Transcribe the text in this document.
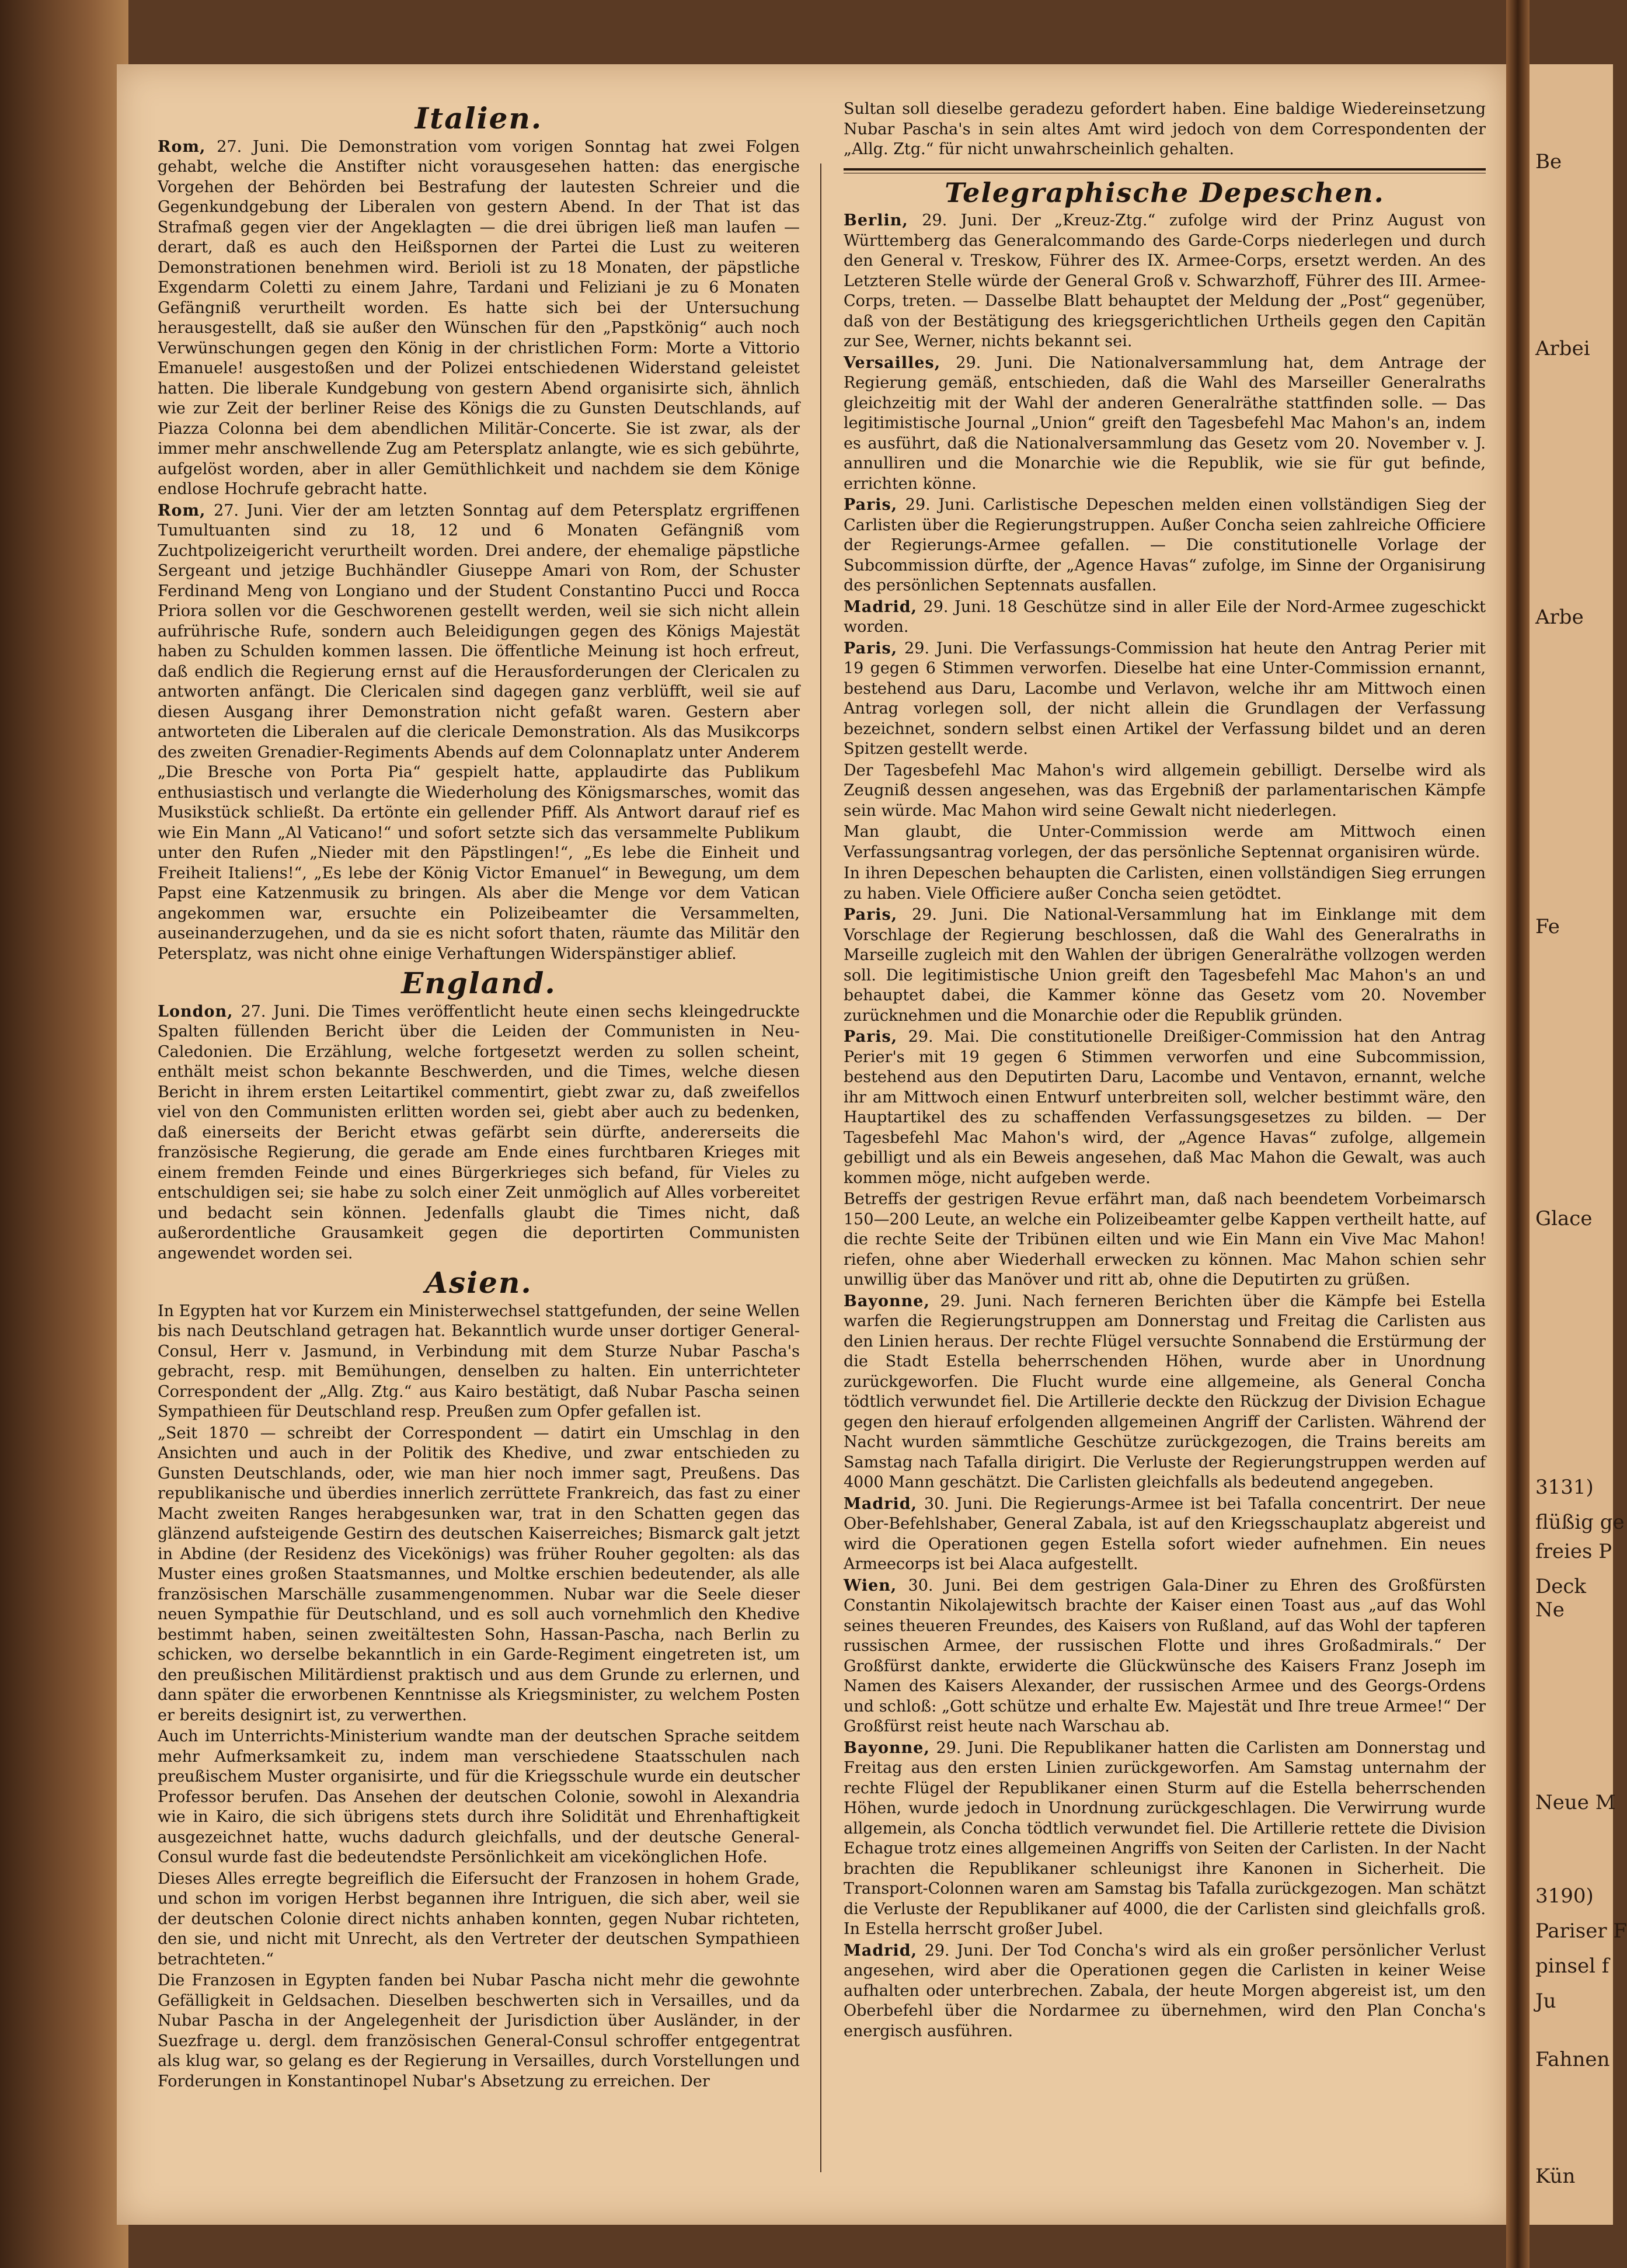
Be
Arbei
Arbe
Fe
Glace
3131)
flüßig ge
freies P
Deck
Ne
Neue M
3190)
Pariser F
pinsel f
Ju
Fahnen
Kün
Italien.

Rom, 27. Juni. Die Demonstration vom vorigen Sonntag hat zwei Folgen gehabt, welche die Anstifter nicht vorausgesehen hatten: das energische Vorgehen der Behörden bei Bestrafung der lautesten Schreier und die Gegenkundgebung der Liberalen von gestern Abend. In der That ist das Strafmaß gegen vier der Angeklagten — die drei übrigen ließ man laufen — derart, daß es auch den Heißspornen der Partei die Lust zu weiteren Demonstrationen benehmen wird. Berioli ist zu 18 Monaten, der päpstliche Exgendarm Coletti zu einem Jahre, Tardani und Feliziani je zu 6 Monaten Gefängniß verurtheilt worden. Es hatte sich bei der Untersuchung herausgestellt, daß sie außer den Wünschen für den „Papstkönig“ auch noch Verwünschungen gegen den König in der christlichen Form: Morte a Vittorio Emanuele! ausgestoßen und der Polizei entschiedenen Widerstand geleistet hatten. Die liberale Kundgebung von gestern Abend organisirte sich, ähnlich wie zur Zeit der berliner Reise des Königs die zu Gunsten Deutschlands, auf Piazza Colonna bei dem abendlichen Militär-Concerte. Sie ist zwar, als der immer mehr anschwellende Zug am Petersplatz anlangte, wie es sich gebührte, aufgelöst worden, aber in aller Gemüthlichkeit und nachdem sie dem Könige endlose Hochrufe gebracht hatte.

Rom, 27. Juni. Vier der am letzten Sonntag auf dem Petersplatz ergriffenen Tumultuanten sind zu 18, 12 und 6 Monaten Gefängniß vom Zuchtpolizeigericht verurtheilt worden. Drei andere, der ehemalige päpstliche Sergeant und jetzige Buchhändler Giuseppe Amari von Rom, der Schuster Ferdinand Meng von Longiano und der Student Constantino Pucci und Rocca Priora sollen vor die Geschworenen gestellt werden, weil sie sich nicht allein aufrührische Rufe, sondern auch Beleidigungen gegen des Königs Majestät haben zu Schulden kommen lassen. Die öffentliche Meinung ist hoch erfreut, daß endlich die Regierung ernst auf die Herausforderungen der Clericalen zu antworten anfängt. Die Clericalen sind dagegen ganz verblüfft, weil sie auf diesen Ausgang ihrer Demonstration nicht gefaßt waren. Gestern aber antworteten die Liberalen auf die clericale Demonstration. Als das Musikcorps des zweiten Grenadier-Regiments Abends auf dem Colonnaplatz unter Anderem „Die Bresche von Porta Pia“ gespielt hatte, applaudirte das Publikum enthusiastisch und verlangte die Wiederholung des Königsmarsches, womit das Musikstück schließt. Da ertönte ein gellender Pfiff. Als Antwort darauf rief es wie Ein Mann „Al Vaticano!“ und sofort setzte sich das versammelte Publikum unter den Rufen „Nieder mit den Päpstlingen!“, „Es lebe die Einheit und Freiheit Italiens!“, „Es lebe der König Victor Emanuel“ in Bewegung, um dem Papst eine Katzenmusik zu bringen. Als aber die Menge vor dem Vatican angekommen war, ersuchte ein Polizeibeamter die Versammelten, auseinanderzugehen, und da sie es nicht sofort thaten, räumte das Militär den Petersplatz, was nicht ohne einige Verhaftungen Widerspänstiger ablief.

England.

London, 27. Juni. Die Times veröffentlicht heute einen sechs kleingedruckte Spalten füllenden Bericht über die Leiden der Communisten in Neu-Caledonien. Die Erzählung, welche fortgesetzt werden zu sollen scheint, enthält meist schon bekannte Beschwerden, und die Times, welche diesen Bericht in ihrem ersten Leitartikel commentirt, giebt zwar zu, daß zweifellos viel von den Communisten erlitten worden sei, giebt aber auch zu bedenken, daß einerseits der Bericht etwas gefärbt sein dürfte, andererseits die französische Regierung, die gerade am Ende eines furchtbaren Krieges mit einem fremden Feinde und eines Bürgerkrieges sich befand, für Vieles zu entschuldigen sei; sie habe zu solch einer Zeit unmöglich auf Alles vorbereitet und bedacht sein können. Jedenfalls glaubt die Times nicht, daß außerordentliche Grausamkeit gegen die deportirten Communisten angewendet worden sei.

Asien.

In Egypten hat vor Kurzem ein Ministerwechsel stattgefunden, der seine Wellen bis nach Deutschland getragen hat. Bekanntlich wurde unser dortiger General-Consul, Herr v. Jasmund, in Verbindung mit dem Sturze Nubar Pascha's gebracht, resp. mit Bemühungen, denselben zu halten. Ein unterrichteter Correspondent der „Allg. Ztg.“ aus Kairo bestätigt, daß Nubar Pascha seinen Sympathieen für Deutschland resp. Preußen zum Opfer gefallen ist.

„Seit 1870 — schreibt der Correspondent — datirt ein Umschlag in den Ansichten und auch in der Politik des Khedive, und zwar entschieden zu Gunsten Deutschlands, oder, wie man hier noch immer sagt, Preußens. Das republikanische und überdies innerlich zerrüttete Frankreich, das fast zu einer Macht zweiten Ranges herabgesunken war, trat in den Schatten gegen das glänzend aufsteigende Gestirn des deutschen Kaiserreiches; Bismarck galt jetzt in Abdine (der Residenz des Vicekönigs) was früher Rouher gegolten: als das Muster eines großen Staatsmannes, und Moltke erschien bedeutender, als alle französischen Marschälle zusammengenommen. Nubar war die Seele dieser neuen Sympathie für Deutschland, und es soll auch vornehmlich den Khedive bestimmt haben, seinen zweitältesten Sohn, Hassan-Pascha, nach Berlin zu schicken, wo derselbe bekanntlich in ein Garde-Regiment eingetreten ist, um den preußischen Militärdienst praktisch und aus dem Grunde zu erlernen, und dann später die erworbenen Kenntnisse als Kriegsminister, zu welchem Posten er bereits designirt ist, zu verwerthen.

Auch im Unterrichts-Ministerium wandte man der deutschen Sprache seitdem mehr Aufmerksamkeit zu, indem man verschiedene Staatsschulen nach preußischem Muster organisirte, und für die Kriegsschule wurde ein deutscher Professor berufen. Das Ansehen der deutschen Colonie, sowohl in Alexandria wie in Kairo, die sich übrigens stets durch ihre Solidität und Ehrenhaftigkeit ausgezeichnet hatte, wuchs dadurch gleichfalls, und der deutsche General-Consul wurde fast die bedeutendste Persönlichkeit am vicekönglichen Hofe.

Dieses Alles erregte begreiflich die Eifersucht der Franzosen in hohem Grade, und schon im vorigen Herbst begannen ihre Intriguen, die sich aber, weil sie der deutschen Colonie direct nichts anhaben konnten, gegen Nubar richteten, den sie, und nicht mit Unrecht, als den Vertreter der deutschen Sympathieen betrachteten.“

Die Franzosen in Egypten fanden bei Nubar Pascha nicht mehr die gewohnte Gefälligkeit in Geldsachen. Dieselben beschwerten sich in Versailles, und da Nubar Pascha in der Angelegenheit der Jurisdiction über Ausländer, in der Suezfrage u. dergl. dem französischen General-Consul schroffer entgegentrat als klug war, so gelang es der Regierung in Versailles, durch Vorstellungen und Forderungen in Konstantinopel Nubar's Absetzung zu erreichen. Der

Sultan soll dieselbe geradezu gefordert haben. Eine baldige Wiedereinsetzung Nubar Pascha's in sein altes Amt wird jedoch von dem Correspondenten der „Allg. Ztg.“ für nicht unwahrscheinlich gehalten.

Telegraphische Depeschen.

Berlin, 29. Juni. Der „Kreuz-Ztg.“ zufolge wird der Prinz August von Württemberg das Generalcommando des Garde-Corps niederlegen und durch den General v. Treskow, Führer des IX. Armee-Corps, ersetzt werden. An des Letzteren Stelle würde der General Groß v. Schwarzhoff, Führer des III. Armee-Corps, treten. — Dasselbe Blatt behauptet der Meldung der „Post“ gegenüber, daß von der Bestätigung des kriegsgerichtlichen Urtheils gegen den Capitän zur See, Werner, nichts bekannt sei.

Versailles, 29. Juni. Die Nationalversammlung hat, dem Antrage der Regierung gemäß, entschieden, daß die Wahl des Marseiller Generalraths gleichzeitig mit der Wahl der anderen Generalräthe stattfinden solle. — Das legitimistische Journal „Union“ greift den Tagesbefehl Mac Mahon's an, indem es ausführt, daß die Nationalversammlung das Gesetz vom 20. November v. J. annulliren und die Monarchie wie die Republik, wie sie für gut befinde, errichten könne.

Paris, 29. Juni. Carlistische Depeschen melden einen vollständigen Sieg der Carlisten über die Regierungstruppen. Außer Concha seien zahlreiche Officiere der Regierungs-Armee gefallen. — Die constitutionelle Vorlage der Subcommission dürfte, der „Agence Havas“ zufolge, im Sinne der Organisirung des persönlichen Septennats ausfallen.

Madrid, 29. Juni. 18 Geschütze sind in aller Eile der Nord-Armee zugeschickt worden.

Paris, 29. Juni. Die Verfassungs-Commission hat heute den Antrag Perier mit 19 gegen 6 Stimmen verworfen. Dieselbe hat eine Unter-Commission ernannt, bestehend aus Daru, Lacombe und Verlavon, welche ihr am Mittwoch einen Antrag vorlegen soll, der nicht allein die Grundlagen der Verfassung bezeichnet, sondern selbst einen Artikel der Verfassung bildet und an deren Spitzen gestellt werde.

Der Tagesbefehl Mac Mahon's wird allgemein gebilligt. Derselbe wird als Zeugniß dessen angesehen, was das Ergebniß der parlamentarischen Kämpfe sein würde. Mac Mahon wird seine Gewalt nicht niederlegen.

Man glaubt, die Unter-Commission werde am Mittwoch einen Verfassungsantrag vorlegen, der das persönliche Septennat organisiren würde.

In ihren Depeschen behaupten die Carlisten, einen vollständigen Sieg errungen zu haben. Viele Officiere außer Concha seien getödtet.

Paris, 29. Juni. Die National-Versammlung hat im Einklange mit dem Vorschlage der Regierung beschlossen, daß die Wahl des Generalraths in Marseille zugleich mit den Wahlen der übrigen Generalräthe vollzogen werden soll. Die legitimistische Union greift den Tagesbefehl Mac Mahon's an und behauptet dabei, die Kammer könne das Gesetz vom 20. November zurücknehmen und die Monarchie oder die Republik gründen.

Paris, 29. Mai. Die constitutionelle Dreißiger-Commission hat den Antrag Perier's mit 19 gegen 6 Stimmen verworfen und eine Subcommission, bestehend aus den Deputirten Daru, Lacombe und Ventavon, ernannt, welche ihr am Mittwoch einen Entwurf unterbreiten soll, welcher bestimmt wäre, den Hauptartikel des zu schaffenden Verfassungsgesetzes zu bilden. — Der Tagesbefehl Mac Mahon's wird, der „Agence Havas“ zufolge, allgemein gebilligt und als ein Beweis angesehen, daß Mac Mahon die Gewalt, was auch kommen möge, nicht aufgeben werde.

Betreffs der gestrigen Revue erfährt man, daß nach beendetem Vorbeimarsch 150—200 Leute, an welche ein Polizeibeamter gelbe Kappen vertheilt hatte, auf die rechte Seite der Tribünen eilten und wie Ein Mann ein Vive Mac Mahon! riefen, ohne aber Wiederhall erwecken zu können. Mac Mahon schien sehr unwillig über das Manöver und ritt ab, ohne die Deputirten zu grüßen.

Bayonne, 29. Juni. Nach ferneren Berichten über die Kämpfe bei Estella warfen die Regierungstruppen am Donnerstag und Freitag die Carlisten aus den Linien heraus. Der rechte Flügel versuchte Sonnabend die Erstürmung der die Stadt Estella beherrschenden Höhen, wurde aber in Unordnung zurückgeworfen. Die Flucht wurde eine allgemeine, als General Concha tödtlich verwundet fiel. Die Artillerie deckte den Rückzug der Division Echague gegen den hierauf erfolgenden allgemeinen Angriff der Carlisten. Während der Nacht wurden sämmtliche Geschütze zurückgezogen, die Trains bereits am Samstag nach Tafalla dirigirt. Die Verluste der Regierungstruppen werden auf 4000 Mann geschätzt. Die Carlisten gleichfalls als bedeutend angegeben.

Madrid, 30. Juni. Die Regierungs-Armee ist bei Tafalla concentrirt. Der neue Ober-Befehlshaber, General Zabala, ist auf den Kriegsschauplatz abgereist und wird die Operationen gegen Estella sofort wieder aufnehmen. Ein neues Armeecorps ist bei Alaca aufgestellt.

Wien, 30. Juni. Bei dem gestrigen Gala-Diner zu Ehren des Großfürsten Constantin Nikolajewitsch brachte der Kaiser einen Toast aus „auf das Wohl seines theueren Freundes, des Kaisers von Rußland, auf das Wohl der tapferen russischen Armee, der russischen Flotte und ihres Großadmirals.“ Der Großfürst dankte, erwiderte die Glückwünsche des Kaisers Franz Joseph im Namen des Kaisers Alexander, der russischen Armee und des Georgs-Ordens und schloß: „Gott schütze und erhalte Ew. Majestät und Ihre treue Armee!“ Der Großfürst reist heute nach Warschau ab.

Bayonne, 29. Juni. Die Republikaner hatten die Carlisten am Donnerstag und Freitag aus den ersten Linien zurückgeworfen. Am Samstag unternahm der rechte Flügel der Republikaner einen Sturm auf die Estella beherrschenden Höhen, wurde jedoch in Unordnung zurückgeschlagen. Die Verwirrung wurde allgemein, als Concha tödtlich verwundet fiel. Die Artillerie rettete die Division Echague trotz eines allgemeinen Angriffs von Seiten der Carlisten. In der Nacht brachten die Republikaner schleunigst ihre Kanonen in Sicherheit. Die Transport-Colonnen waren am Samstag bis Tafalla zurückgezogen. Man schätzt die Verluste der Republikaner auf 4000, die der Carlisten sind gleichfalls groß. In Estella herrscht großer Jubel.

Madrid, 29. Juni. Der Tod Concha's wird als ein großer persönlicher Verlust angesehen, wird aber die Operationen gegen die Carlisten in keiner Weise aufhalten oder unterbrechen. Zabala, der heute Morgen abgereist ist, um den Oberbefehl über die Nordarmee zu übernehmen, wird den Plan Concha's energisch ausführen.
